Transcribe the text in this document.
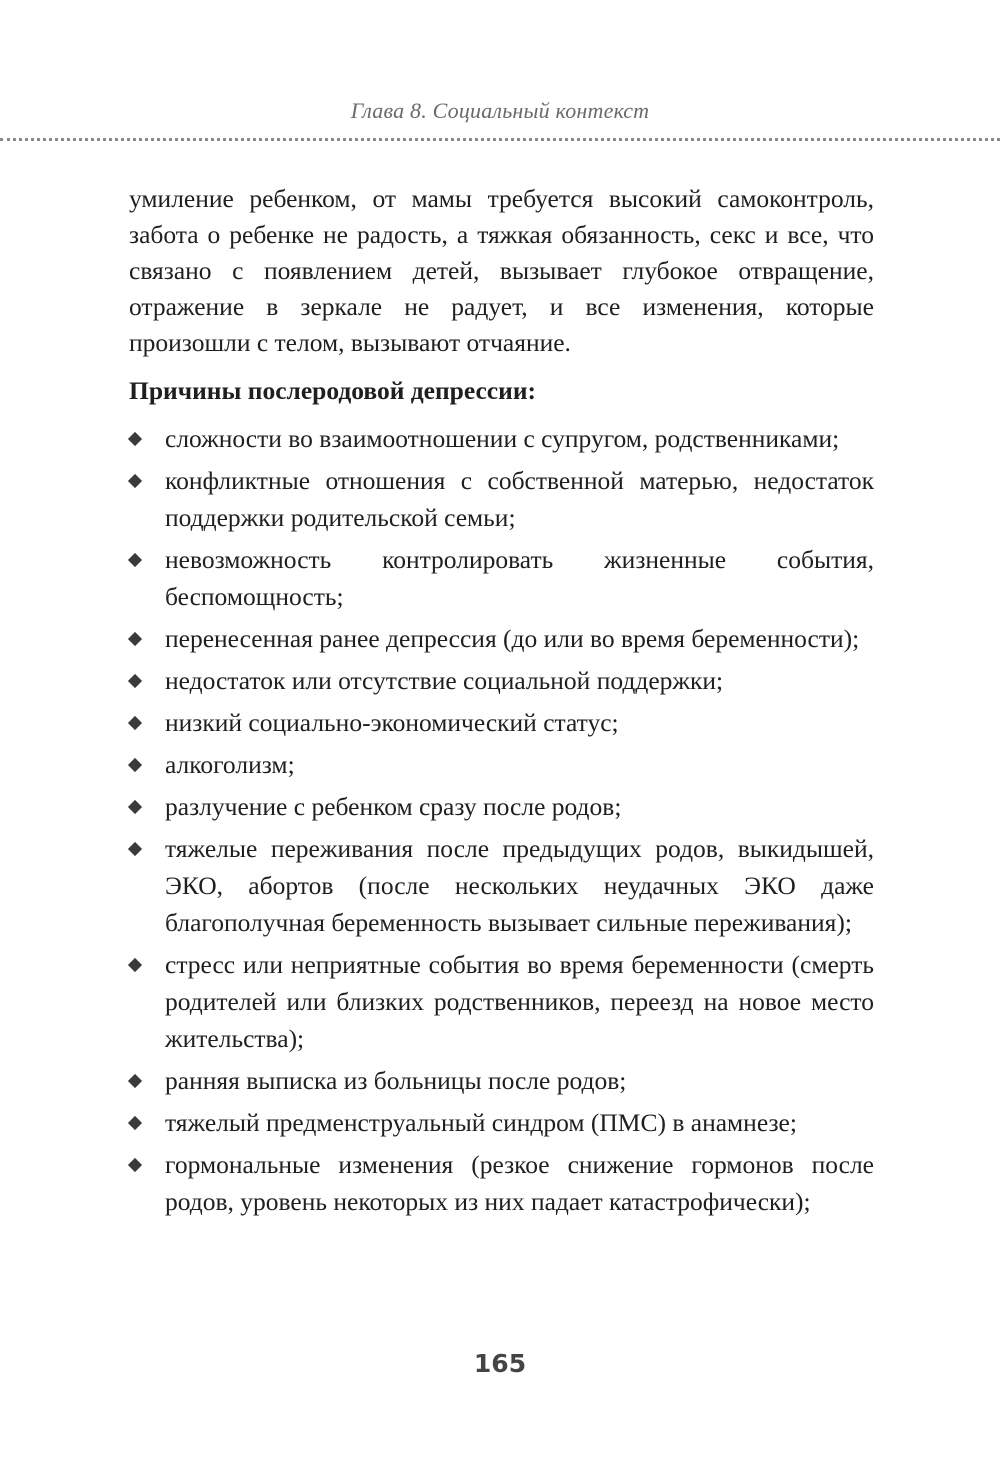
Глава 8. Социальный контекст

умиление ребенком, от мамы требуется высокий самоконтроль, забота о ребенке не радость, а тяжкая обязанность, секс и все, что связано с появлением детей, вызывает глубокое отвращение, отражение в зеркале не радует, и все изменения, которые произошли с телом, вызывают отчаяние.

Причины послеродовой депрессии:

сложности во взаимоотношении с супругом, родственниками;
конфликтные отношения с собственной матерью, недостаток поддержки родительской семьи;
невозможность контролировать жизненные события, беспомощность;
перенесенная ранее депрессия (до или во время беременности);
недостаток или отсутствие социальной поддержки;
низкий социально-экономический статус;
алкоголизм;
разлучение с ребенком сразу после родов;
тяжелые переживания после предыдущих родов, выкидышей, ЭКО, абортов (после нескольких неудачных ЭКО даже благополучная беременность вызывает сильные переживания);
стресс или неприятные события во время беременности (смерть родителей или близких родственников, переезд на новое место жительства);
ранняя выписка из больницы после родов;
тяжелый предменструальный синдром (ПМС) в анамнезе;
гормональные изменения (резкое снижение гормонов после родов, уровень некоторых из них падает катастрофически);
165
